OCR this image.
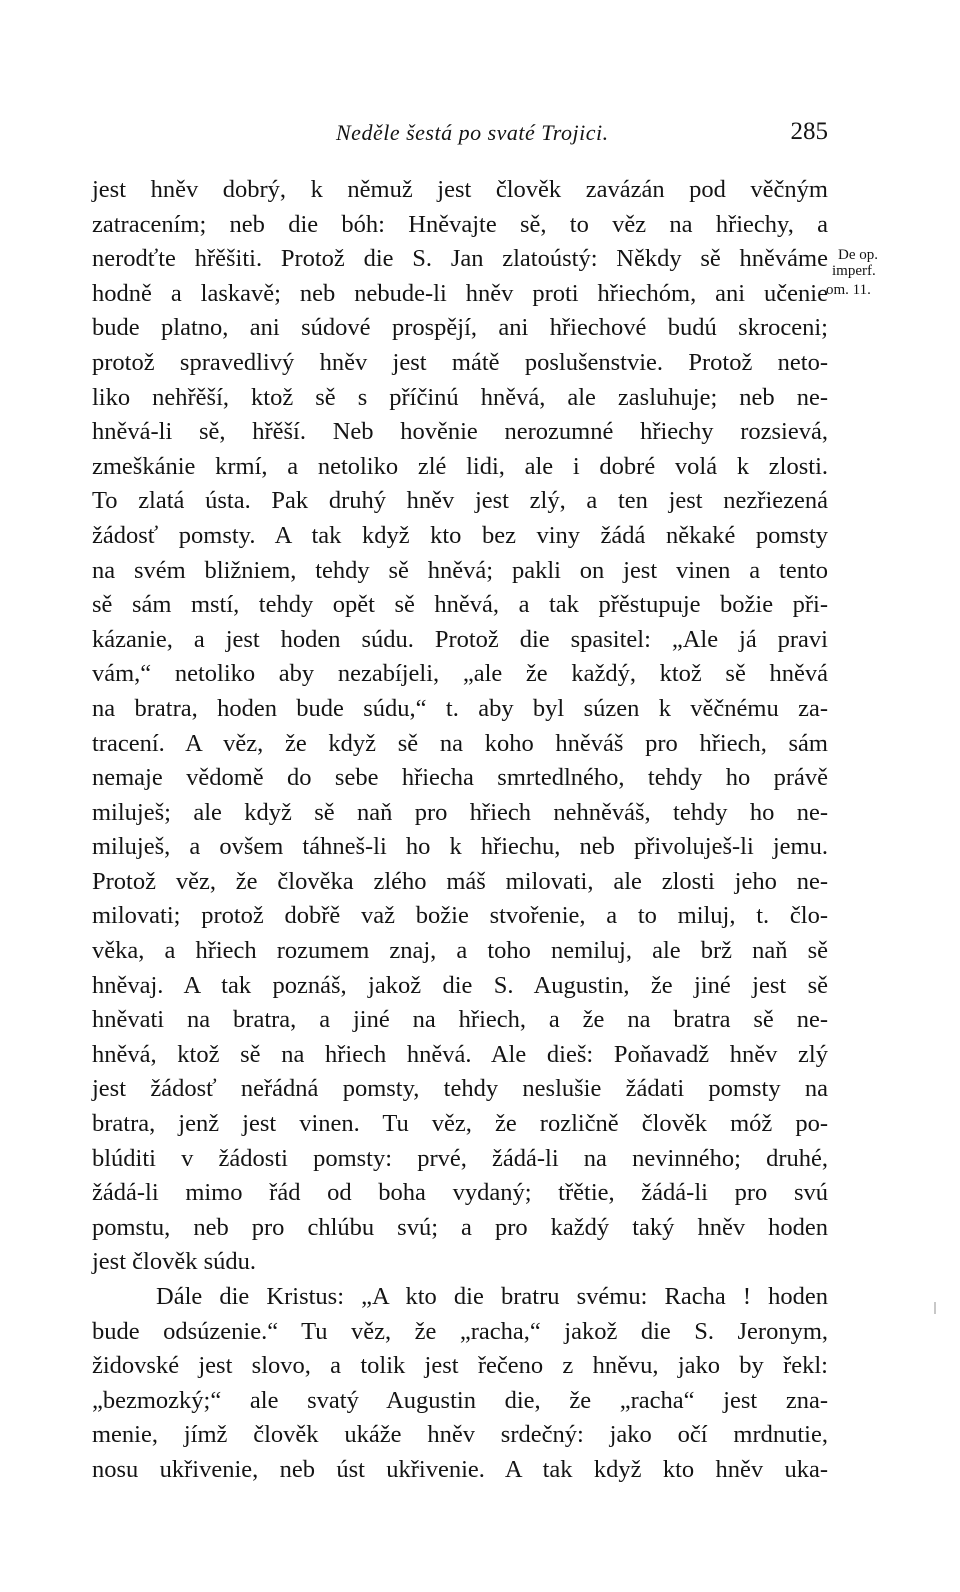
Neděle šestá po svaté Trojici.	285
De op.
imperf.
om. 11.
jest hněv dobrý, k němuž jest člověk zavázán pod věčným
zatracením; neb die bóh: Hněvajte sě, to věz na hřiechy, a
nerodťte hřěšiti. Protož die S. Jan zlatoústý: Někdy sě hněváme
hodně a laskavě; neb nebude-li hněv proti hřiechóm, ani učenie
bude platno, ani súdové prospějí, ani hřiechové budú skroceni;
protož spravedlivý hněv jest mátě poslušenstvie. Protož neto-
liko nehřěší, ktož sě s příčinú hněvá, ale zasluhuje; neb ne-
hněvá-li sě, hřěší. Neb hověnie nerozumné hřiechy rozsievá,
zmeškánie krmí, a netoliko zlé lidi, ale i dobré volá k zlosti.
To zlatá ústa. Pak druhý hněv jest zlý, a ten jest nezřiezená
žádosť pomsty. A tak když kto bez viny žádá někaké pomsty
na svém bližniem, tehdy sě hněvá; pakli on jest vinen a tento
sě sám mstí, tehdy opět sě hněvá, a tak přěstupuje božie při-
kázanie, a jest hoden súdu. Protož die spasitel: „Ale já pravi
vám,“ netoliko aby nezabíjeli, „ale že každý, ktož sě hněvá
na bratra, hoden bude súdu,“ t. aby byl súzen k věčnému za-
tracení. A věz, že když sě na koho hněváš pro hřiech, sám
nemaje vědomě do sebe hřiecha smrtedlného, tehdy ho právě
miluješ; ale když sě naň pro hřiech nehněváš, tehdy ho ne-
miluješ, a ovšem táhneš-li ho k hřiechu, neb přivoluješ-li jemu.
Protož věz, že člověka zlého máš milovati, ale zlosti jeho ne-
milovati; protož dobřě važ božie stvořenie, a to miluj, t. člo-
věka, a hřiech rozumem znaj, a toho nemiluj, ale brž naň sě
hněvaj. A tak poznáš, jakož die S. Augustin, že jiné jest sě
hněvati na bratra, a jiné na hřiech, a že na bratra sě ne-
hněvá, ktož sě na hřiech hněvá. Ale dieš: Poňavadž hněv zlý
jest žádosť neřádná pomsty, tehdy neslušie žádati pomsty na
bratra, jenž jest vinen. Tu věz, že rozličně člověk móž po-
blúditi v žádosti pomsty: prvé, žádá-li na nevinného; druhé,
žádá-li mimo řád od boha vydaný; třětie, žádá-li pro svú
pomstu, neb pro chlúbu svú; a pro každý taký hněv hoden
jest člověk súdu.
Dále die Kristus: „A kto die bratru svému: Racha ! hoden
bude odsúzenie.“ Tu věz, že „racha,“ jakož die S. Jeronym,
židovské jest slovo, a tolik jest řečeno z hněvu, jako by řekl:
„bezmozký;“ ale svatý Augustin die, že „racha“ jest zna-
menie, jímž člověk ukáže hněv srdečný: jako očí mrdnutie,
nosu ukřivenie, neb úst ukřivenie. A tak když kto hněv uka-
